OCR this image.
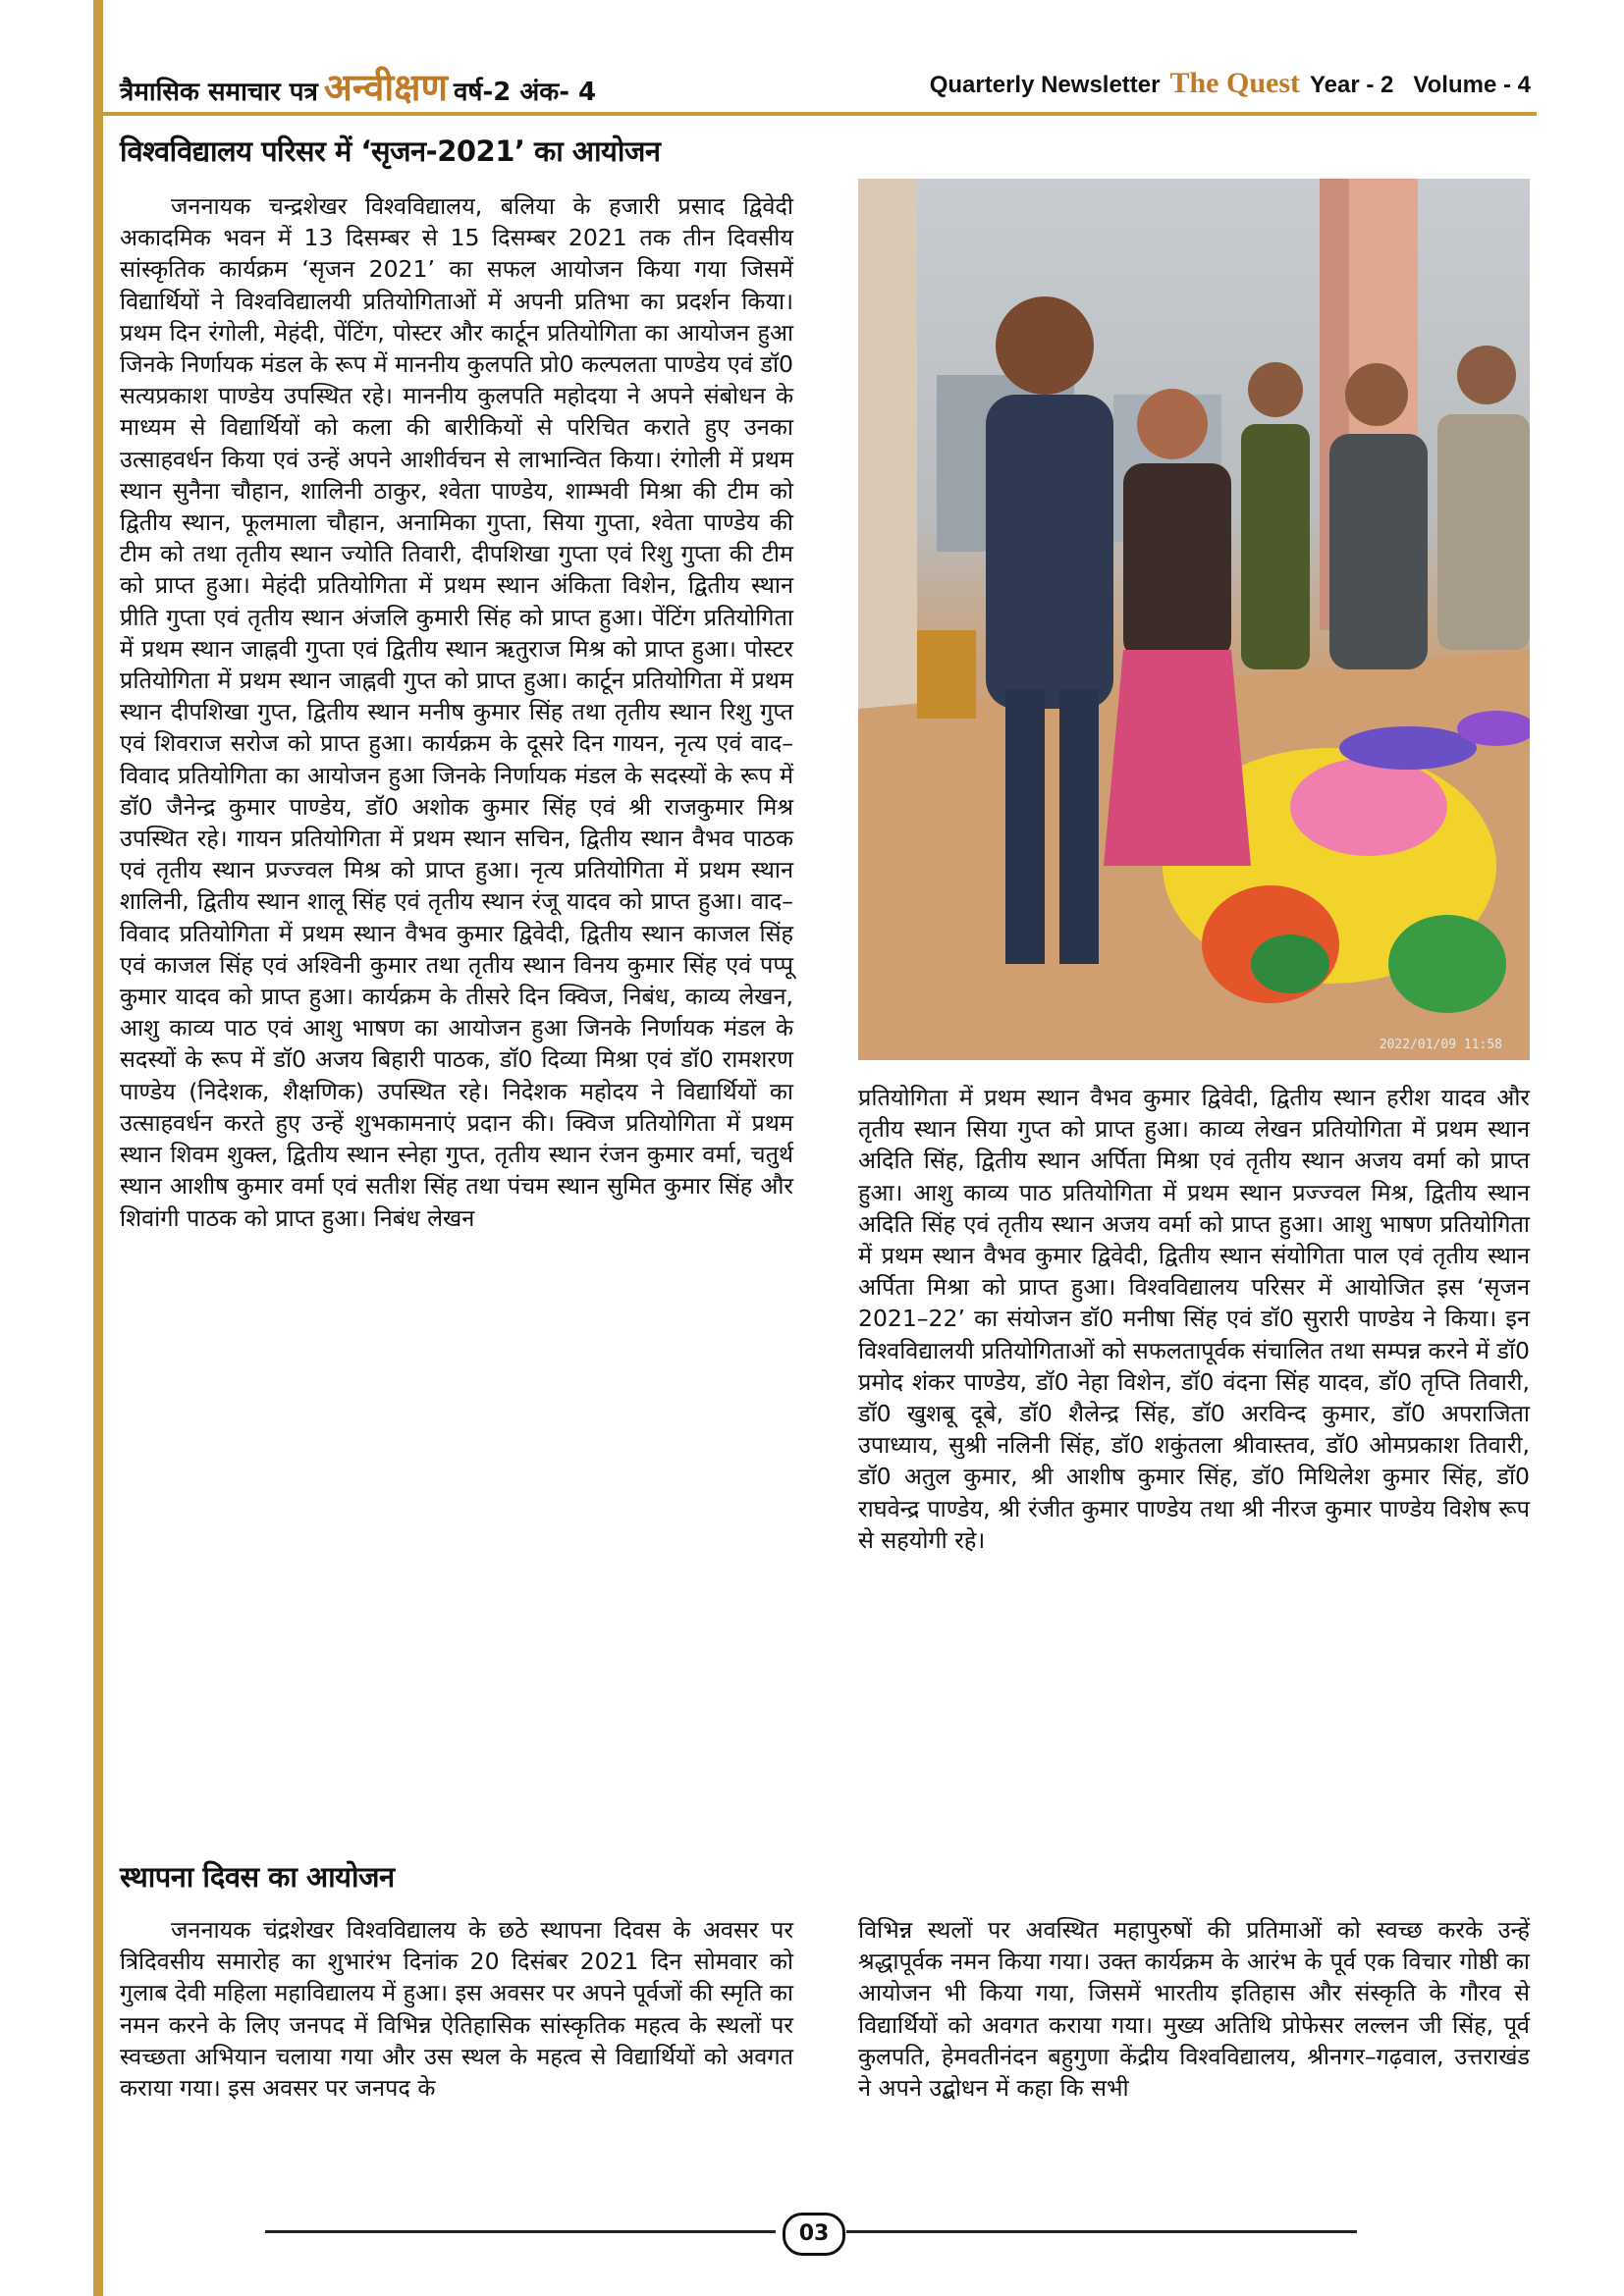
त्रैमासिक समाचार पत्र अन्वीक्षण वर्ष-2 अंक- 4	Quarterly Newsletter The Quest Year - 2 Volume - 4
विश्वविद्यालय परिसर में ‘सृजन-2021’ का आयोजन

जननायक चन्द्रशेखर विश्वविद्यालय, बलिया के हजारी प्रसाद द्विवेदी अकादमिक भवन में 13 दिसम्बर से 15 दिसम्बर 2021 तक तीन दिवसीय सांस्कृतिक कार्यक्रम ‘सृजन 2021’ का सफल आयोजन किया गया जिसमें विद्यार्थियों ने विश्वविद्यालयी प्रतियोगिताओं में अपनी प्रतिभा का प्रदर्शन किया। प्रथम दिन रंगोली, मेहंदी, पेंटिंग, पोस्टर और कार्टून प्रतियोगिता का आयोजन हुआ जिनके निर्णायक मंडल के रूप में माननीय कुलपति प्रो0 कल्पलता पाण्डेय एवं डॉ0 सत्यप्रकाश पाण्डेय उपस्थित रहे। माननीय कुलपति महोदया ने अपने संबोधन के माध्यम से विद्यार्थियों को कला की बारीकियों से परिचित कराते हुए उनका उत्साहवर्धन किया एवं उन्हें अपने आशीर्वचन से लाभान्वित किया। रंगोली में प्रथम स्थान सुनैना चौहान, शालिनी ठाकुर, श्वेता पाण्डेय, शाम्भवी मिश्रा की टीम को द्वितीय स्थान, फूलमाला चौहान, अनामिका गुप्ता, सिया गुप्ता, श्वेता पाण्डेय की टीम को तथा तृतीय स्थान ज्योति तिवारी, दीपशिखा गुप्ता एवं रिशु गुप्ता की टीम को प्राप्त हुआ। मेहंदी प्रतियोगिता में प्रथम स्थान अंकिता विशेन, द्वितीय स्थान प्रीति गुप्ता एवं तृतीय स्थान अंजलि कुमारी सिंह को प्राप्त हुआ। पेंटिंग प्रतियोगिता में प्रथम स्थान जाह्नवी गुप्ता एवं द्वितीय स्थान ऋतुराज मिश्र को प्राप्त हुआ। पोस्टर प्रतियोगिता में प्रथम स्थान जाह्नवी गुप्त को प्राप्त हुआ। कार्टून प्रतियोगिता में प्रथम स्थान दीपशिखा गुप्त, द्वितीय स्थान मनीष कुमार सिंह तथा तृतीय स्थान रिशु गुप्त एवं शिवराज सरोज को प्राप्त हुआ। कार्यक्रम के दूसरे दिन गायन, नृत्य एवं वाद–विवाद प्रतियोगिता का आयोजन हुआ जिनके निर्णायक मंडल के सदस्यों के रूप में डॉ0 जैनेन्द्र कुमार पाण्डेय, डॉ0 अशोक कुमार सिंह एवं श्री राजकुमार मिश्र उपस्थित रहे। गायन प्रतियोगिता में प्रथम स्थान सचिन, द्वितीय स्थान वैभव पाठक एवं तृतीय स्थान प्रज्ज्वल मिश्र को प्राप्त हुआ। नृत्य प्रतियोगिता में प्रथम स्थान शालिनी, द्वितीय स्थान शालू सिंह एवं तृतीय स्थान रंजू यादव को प्राप्त हुआ। वाद–विवाद प्रतियोगिता में प्रथम स्थान वैभव कुमार द्विवेदी, द्वितीय स्थान काजल सिंह एवं काजल सिंह एवं अश्विनी कुमार तथा तृतीय स्थान विनय कुमार सिंह एवं पप्पू कुमार यादव को प्राप्त हुआ। कार्यक्रम के तीसरे दिन क्विज, निबंध, काव्य लेखन, आशु काव्य पाठ एवं आशु भाषण का आयोजन हुआ जिनके निर्णायक मंडल के सदस्यों के रूप में डॉ0 अजय बिहारी पाठक, डॉ0 दिव्या मिश्रा एवं डॉ0 रामशरण पाण्डेय (निदेशक, शैक्षणिक) उपस्थित रहे। निदेशक महोदय ने विद्यार्थियों का उत्साहवर्धन करते हुए उन्हें शुभकामनाएं प्रदान की। क्विज प्रतियोगिता में प्रथम स्थान शिवम शुक्ल, द्वितीय स्थान स्नेहा गुप्त, तृतीय स्थान रंजन कुमार वर्मा, चतुर्थ स्थान आशीष कुमार वर्मा एवं सतीश सिंह तथा पंचम स्थान सुमित कुमार सिंह और शिवांगी पाठक को प्राप्त हुआ। निबंध लेखन

2022/01/09 11:58

प्रतियोगिता में प्रथम स्थान वैभव कुमार द्विवेदी, द्वितीय स्थान हरीश यादव और तृतीय स्थान सिया गुप्त को प्राप्त हुआ। काव्य लेखन प्रतियोगिता में प्रथम स्थान अदिति सिंह, द्वितीय स्थान अर्पिता मिश्रा एवं तृतीय स्थान अजय वर्मा को प्राप्त हुआ। आशु काव्य पाठ प्रतियोगिता में प्रथम स्थान प्रज्ज्वल मिश्र, द्वितीय स्थान अदिति सिंह एवं तृतीय स्थान अजय वर्मा को प्राप्त हुआ। आशु भाषण प्रतियोगिता में प्रथम स्थान वैभव कुमार द्विवेदी, द्वितीय स्थान संयोगिता पाल एवं तृतीय स्थान अर्पिता मिश्रा को प्राप्त हुआ। विश्वविद्यालय परिसर में आयोजित इस ‘सृजन 2021–22’ का संयोजन डॉ0 मनीषा सिंह एवं डॉ0 सुरारी पाण्डेय ने किया। इन विश्वविद्यालयी प्रतियोगिताओं को सफलतापूर्वक संचालित तथा सम्पन्न करने में डॉ0 प्रमोद शंकर पाण्डेय, डॉ0 नेहा विशेन, डॉ0 वंदना सिंह यादव, डॉ0 तृप्ति तिवारी, डॉ0 खुशबू दूबे, डॉ0 शैलेन्द्र सिंह, डॉ0 अरविन्द कुमार, डॉ0 अपराजिता उपाध्याय, सुश्री नलिनी सिंह, डॉ0 शकुंतला श्रीवास्तव, डॉ0 ओमप्रकाश तिवारी, डॉ0 अतुल कुमार, श्री आशीष कुमार सिंह, डॉ0 मिथिलेश कुमार सिंह, डॉ0 राघवेन्द्र पाण्डेय, श्री रंजीत कुमार पाण्डेय तथा श्री नीरज कुमार पाण्डेय विशेष रूप से सहयोगी रहे।

स्थापना दिवस का आयोजन

जननायक चंद्रशेखर विश्वविद्यालय के छठे स्थापना दिवस के अवसर पर त्रिदिवसीय समारोह का शुभारंभ दिनांक 20 दिसंबर 2021 दिन सोमवार को गुलाब देवी महिला महाविद्यालय में हुआ। इस अवसर पर अपने पूर्वजों की स्मृति का नमन करने के लिए जनपद में विभिन्न ऐतिहासिक सांस्कृतिक महत्व के स्थलों पर स्वच्छता अभियान चलाया गया और उस स्थल के महत्व से विद्यार्थियों को अवगत कराया गया। इस अवसर पर जनपद के

विभिन्न स्थलों पर अवस्थित महापुरुषों की प्रतिमाओं को स्वच्छ करके उन्हें श्रद्धापूर्वक नमन किया गया। उक्त कार्यक्रम के आरंभ के पूर्व एक विचार गोष्ठी का आयोजन भी किया गया, जिसमें भारतीय इतिहास और संस्कृति के गौरव से विद्यार्थियों को अवगत कराया गया। मुख्य अतिथि प्रोफेसर लल्लन जी सिंह, पूर्व कुलपति, हेमवतीनंदन बहुगुणा केंद्रीय विश्वविद्यालय, श्रीनगर–गढ़वाल, उत्तराखंड ने अपने उद्बोधन में कहा कि सभी

03
